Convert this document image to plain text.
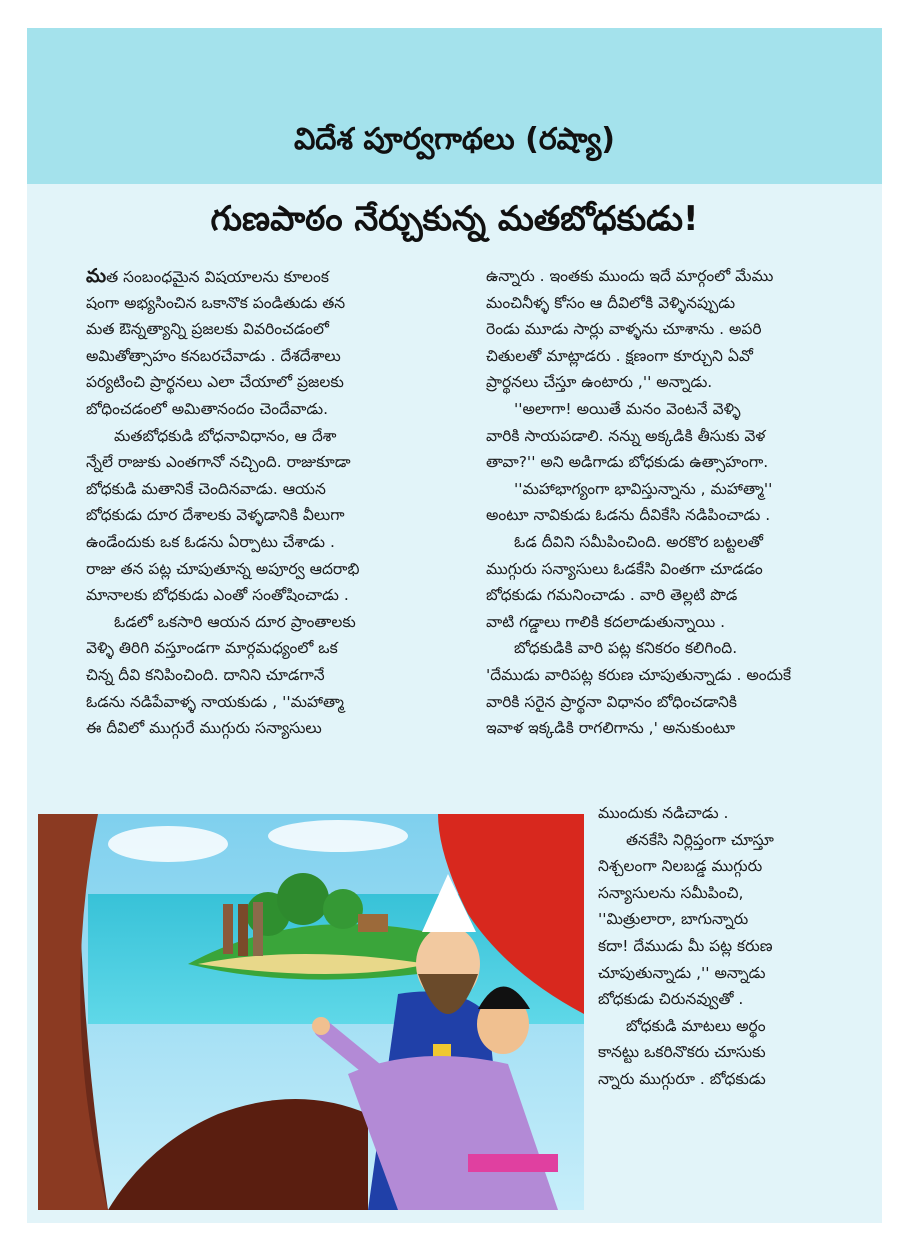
విదేశ పూర్వగాథలు (రష్యా)
గుణపాఠం నేర్చుకున్న మతబోధకుడు!
మత సంబంధమైన విషయాలను కూలంక
షంగా అభ్యసించిన ఒకానొక పండితుడు తన
మత ఔన్నత్యాన్ని ప్రజలకు వివరించడంలో
అమితోత్సాహం కనబరచేవాడు . దేశదేశాలు
పర్యటించి ప్రార్థనలు ఎలా చేయాలో ప్రజలకు
బోధించడంలో అమితానందం చెందేవాడు.
మతబోధకుడి బోధనావిధానం, ఆ దేశా
న్నేలే రాజుకు ఎంతగానో నచ్చింది. రాజుకూడా
బోధకుడి మతానికే చెందినవాడు. ఆయన
బోధకుడు దూర దేశాలకు వెళ్ళడానికి వీలుగా
ఉండేందుకు ఒక ఓడను ఏర్పాటు చేశాడు .
రాజు తన పట్ల చూపుతూన్న అపూర్వ ఆదరాభి
మానాలకు బోధకుడు ఎంతో సంతోషించాడు .
ఓడలో ఒకసారి ఆయన దూర ప్రాంతాలకు
వెళ్ళి తిరిగి వస్తూండగా మార్గమధ్యంలో ఒక
చిన్న దీవి కనిపించింది. దానిని చూడగానే
ఓడను నడిపేవాళ్ళ నాయకుడు , ''మహాత్మా
ఈ దీవిలో ముగ్గురే ముగ్గురు సన్యాసులు
ఉన్నారు . ఇంతకు ముందు ఇదే మార్గంలో మేము
మంచినీళ్ళ కోసం ఆ దీవిలోకి వెళ్ళినప్పుడు
రెండు మూడు సార్లు వాళ్ళను చూశాను . అపరి
చితులతో మాట్లాడరు . క్షణంగా కూర్చుని ఏవో
ప్రార్థనలు చేస్తూ ఉంటారు ,'' అన్నాడు.
''అలాగా! అయితే మనం వెంటనే వెళ్ళి
వారికి సాయపడాలి. నన్ను అక్కడికి తీసుకు వెళ
తావా?'' అని అడిగాడు బోధకుడు ఉత్సాహంగా.
''మహాభాగ్యంగా భావిస్తున్నాను , మహాత్మా''
అంటూ నావికుడు ఓడను దీవికేసి నడిపించాడు .
ఓడ దీవిని సమీపించింది. అరకొర బట్టలతో
ముగ్గురు సన్యాసులు ఓడకేసి వింతగా చూడడం
బోధకుడు గమనించాడు . వారి తెల్లటి పొడ
వాటి గడ్డాలు గాలికి కదలాడుతున్నాయి .
బోధకుడికి వారి పట్ల కనికరం కలిగింది.
'దేముడు వారిపట్ల కరుణ చూపుతున్నాడు . అందుకే
వారికి సరైన ప్రార్థనా విధానం బోధించడానికి
ఇవాళ ఇక్కడికి రాగలిగాను ,' అనుకుంటూ
ముందుకు నడిచాడు .
తనకేసి నిర్లిప్తంగా చూస్తూ
నిశ్చలంగా నిలబడ్డ ముగ్గురు
సన్యాసులను సమీపించి,
''మిత్రులారా, బాగున్నారు
కదా! దేముడు మీ పట్ల కరుణ
చూపుతున్నాడు ,'' అన్నాడు
బోధకుడు చిరునవ్వుతో .
బోధకుడి మాటలు అర్థం
కానట్టు ఒకరినొకరు చూసుకు
న్నారు ముగ్గురూ . బోధకుడు
